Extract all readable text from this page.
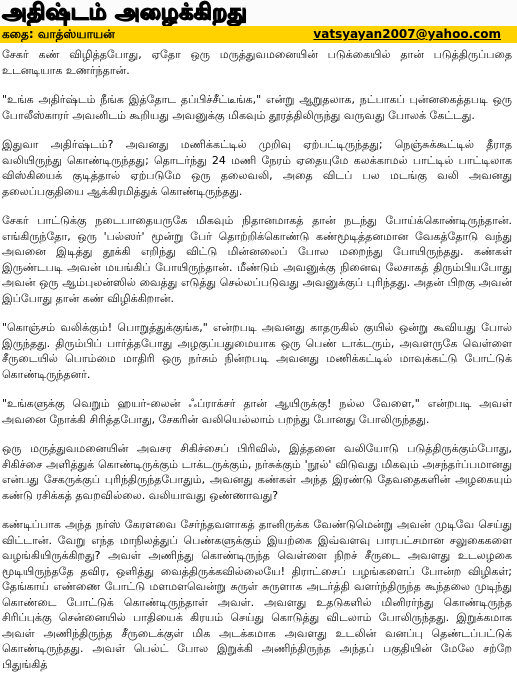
அதிஷ்டம் அழைக்கிறது
கதை: வாத்ஸ்யாயன்	vatsyayan2007@yahoo.com

சேகர் கண் விழித்தபோது, ஏதோ ஒரு மருத்துவமனையின் படுக்கையில் தான் படுத்திருப்பதை உடனடியாக உணர்ந்தான்.

"உங்க அதிர்ஷ்டம் நீங்க இத்தோட தப்பிச்சீட்டீங்க," என்று ஆறுதலாக, நட்பாகப் புன்னகைத்தபடி ஒரு போலீஸ்காரர் அவனிடம் கூறியது அவனுக்கு மிகவும் தூரத்திலிருந்து வருவது போலக் கேட்டது.

இதுவா அதிர்ஷ்டம்? அவனது மணிக்கட்டில் முறிவு ஏற்பட்டிருந்தது; நெஞ்சுக்கூட்டில் தீராத வலியிருந்து கொண்டிருந்தது; தொடர்ந்து 24 மணி நேரம் ஏதையுமே கலக்காமல் பாட்டில் பாட்டிலாக விஸ்கியைக் குடித்தால் ஏற்படுமே ஒரு தலைவலி, அதை விடப் பல மடங்கு வலி அவனது தலைப்பகுதியை ஆக்கிரமித்துக் கொண்டிருந்தது.

சேகர் பாட்டுக்கு நடைபாதையருகே மிகவும் நிதானமாகத் தான் நடந்து போய்க்கொண்டிருந்தான். எங்கிருந்தோ, ஒரு 'பல்ஸர்' மூன்று பேர் தொற்றிக்கொண்டு கண்மூடித்தனமான வேகத்தோடு வந்து அவனை இடித்து தூக்கி எறிந்து விட்டு மின்னலைப் போல மறைந்து போயிருந்தது. கண்கள் இருண்டபடி அவன் மயங்கிப் போயிருந்தான். மீண்டும் அவனுக்கு நினைவு லேசாகத் திரும்பியபோது அவன் ஒரு ஆம்புலன்ஸில் வைத்து எடுத்து செல்லப்படுவது அவனுக்குப் புரிந்தது. அதன் பிறகு அவன் இப்போது தான் கண் விழிக்கிறான்.

"கொஞ்சம் வலிக்கும்! பொறுத்துக்குங்க," என்றபடி அவனது காதருகில் குயில் ஒன்று கூவியது போல் இருந்தது. திரும்பிப் பார்த்தபோது அழகுப்பதுமையாக ஒரு பெண் டாக்டரும், அவளருகே வெள்ளை சீருடையில் பொம்மை மாதிரி ஒரு நர்சும் நின்றபடி அவனது மணிக்கட்டில் மாவுக்கட்டு போட்டுக் கொண்டிருந்தனர்.

"உங்களுக்கு வெறும் ஹயர்-லைன் ஃப்ராக்சர் தான் ஆயிருக்கு! நல்ல வேளை," என்றபடி அவள் அவனை நோக்கி சிரித்தபோது, சேகரின் வலியெல்லாம் பறந்து போனது போலிருந்தது.

ஒரு மருத்துவமனையின் அவசர சிகிச்சைப் பிரிவில், இத்தனை வலியோடு படுத்திருக்கும்போது, சிகிச்சை அளித்துக் கொண்டிருக்கும் டாக்டருக்கும், நர்சுக்கும் 'நூல்' விடுவது மிகவும் அசந்தர்ப்பமானது என்பது சேகருக்குப் புரிந்திருந்தபோதும், அவனது கண்கள் அந்த இரண்டு தேவதைகளின் அழகையும் கண்டு ரசிக்கத் தவறவில்லை. வலியாவது ஒண்ணாவது?

கண்டிப்பாக அந்த நர்ஸ் கேரளவை சேர்ந்தவளாகத் தானிருக்க வேண்டுமென்று அவன் முடிவே செய்து விட்டான். வேறு எந்த மாநிலத்துப் பெண்களுக்கும் இயற்கை இவ்வளவு பாரபட்சமான சலுகைகளை வழங்கியிருக்கிறது? அவள் அணிந்து கொண்டிருந்த வெள்ளை நிறச் சீருடை அவளது உடலழகை மூடியிருந்ததே தவிர, ஒளித்து வைத்திருக்கவில்லையே! திராட்சைப் பழங்களைப் போன்ற விழிகள்; தேங்காய் எண்ணை போட்டு மளமளவென்று சுருள் சுருளாக அடர்த்தி வளர்ந்திருந்த கூந்தலை முடிந்து கொண்டை போட்டுக் கொண்டிருந்தாள் அவள். அவளது உதடுகளில் மினிரர்ந்து கொண்டிருந்த சிரிப்புக்கு சென்னையில் பாதியைக் கிரயம் செய்து கொடுத்து விடலாம் போலிருந்தது. இறுக்கமாக அவள் அணிந்திருந்த சீருடைக்குள் மிக அடக்கமாக அவளது உடலின் வனப்பு தெண்டப்பட்டுக் கொண்டிருந்தது. அவள் பெல்ட் போல இறுக்கி அணிந்திருந்த அந்தப் பகுதியின் மேலே சற்றே பிதுங்கித்
